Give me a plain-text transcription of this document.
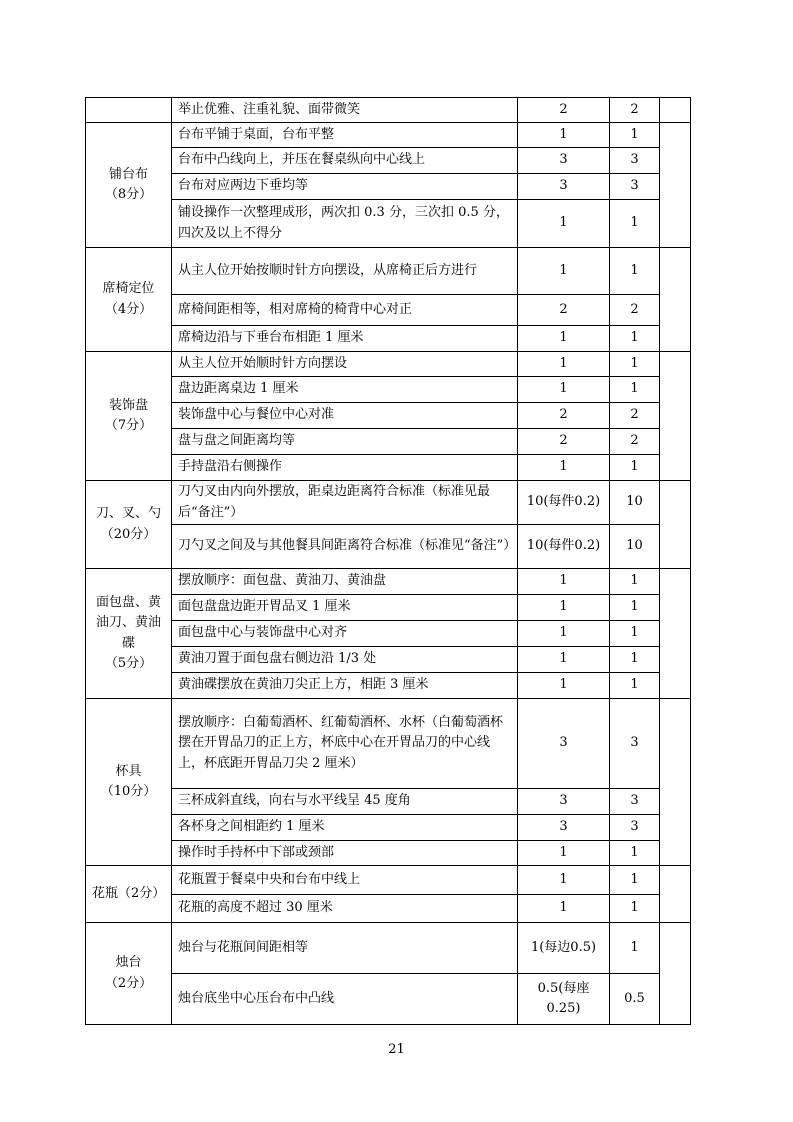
	举止优雅、注重礼貌、面带微笑	2	2	

铺台布
（8分）	台布平铺于桌面，台布平整	1	1	
	台布中凸线向上，并压在餐桌纵向中心线上	3	3	
	台布对应两边下垂均等	3	3	
	铺设操作一次整理成形，两次扣 0.3 分，三次扣 0.5 分，四次及以上不得分	1	1	

席椅定位
（4分）	从主人位开始按顺时针方向摆设，从席椅正后方进行	1	1	
	席椅间距相等，相对席椅的椅背中心对正	2	2	
	席椅边沿与下垂台布相距 1 厘米	1	1	

装饰盘
（7分）	从主人位开始顺时针方向摆设	1	1	
	盘边距离桌边 1 厘米	1	1	
	装饰盘中心与餐位中心对准	2	2	
	盘与盘之间距离均等	2	2	
	手持盘沿右侧操作	1	1	

刀、叉、勺
（20分）	刀勺叉由内向外摆放，距桌边距离符合标准（标准见最后“备注”）	10(每件0.2)	10	
	刀勺叉之间及与其他餐具间距离符合标准（标准见“备注”）	10(每件0.2)	10	

面包盘、黄油刀、黄油碟
（5分）	摆放顺序：面包盘、黄油刀、黄油盘	1	1	
	面包盘盘边距开胃品叉 1 厘米	1	1	
	面包盘中心与装饰盘中心对齐	1	1	
	黄油刀置于面包盘右侧边沿 1/3 处	1	1	
	黄油碟摆放在黄油刀尖正上方，相距 3 厘米	1	1	

杯具
（10分）	摆放顺序：白葡萄酒杯、红葡萄酒杯、水杯（白葡萄酒杯摆在开胃品刀的正上方，杯底中心在开胃品刀的中心线上，杯底距开胃品刀尖 2 厘米）	3	3	
	三杯成斜直线，向右与水平线呈 45 度角	3	3	
	各杯身之间相距约 1 厘米	3	3	
	操作时手持杯中下部或颈部	1	1	

花瓶（2分）	花瓶置于餐桌中央和台布中线上	1	1	
	花瓶的高度不超过 30 厘米	1	1	

烛台
（2分）	烛台与花瓶间间距相等	1(每边0.5)	1	
	烛台底坐中心压台布中凸线	0.5(每座0.25)	0.5	
21
